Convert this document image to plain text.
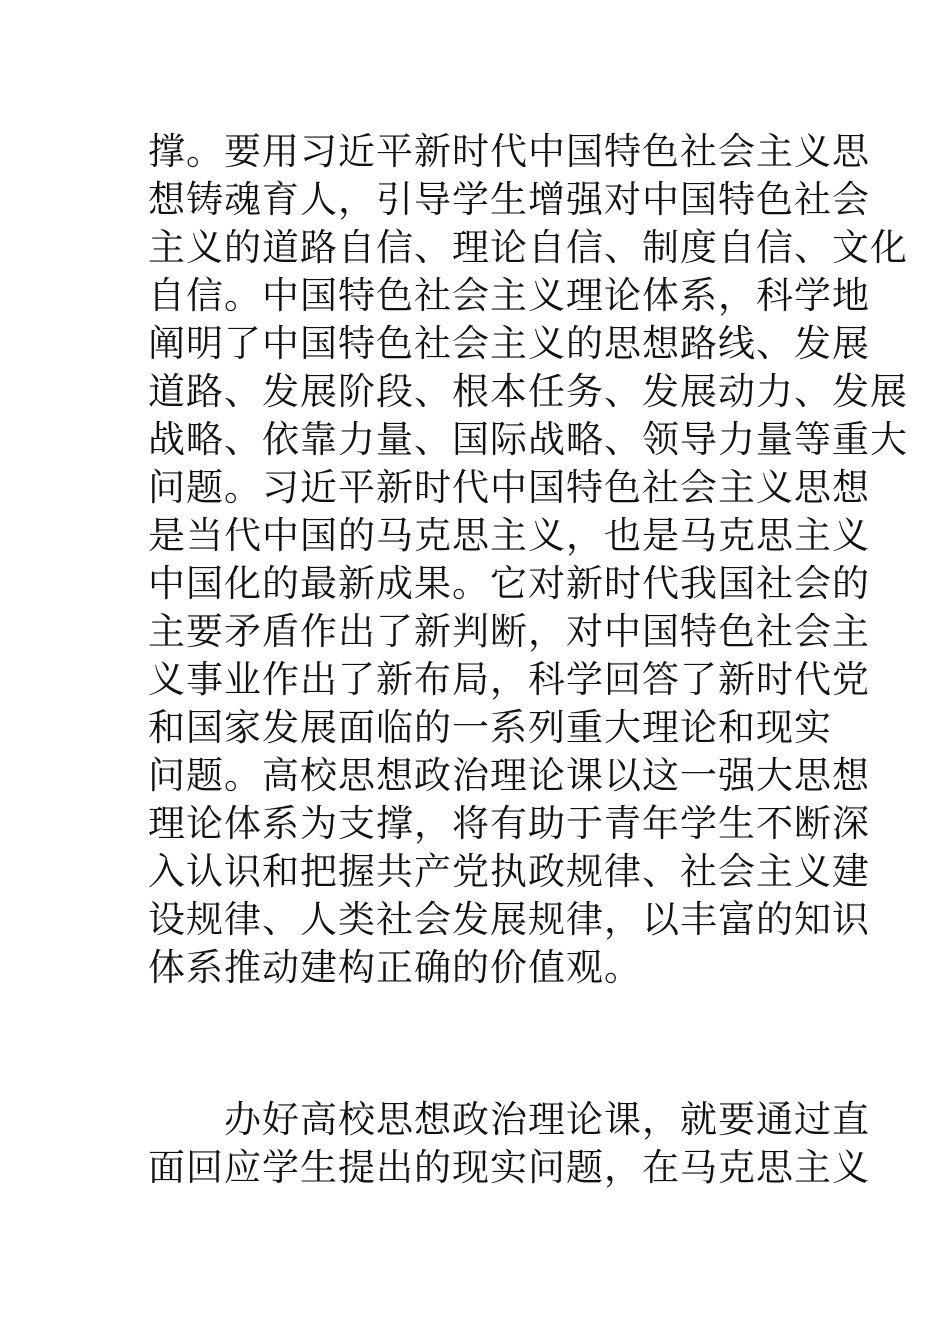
撑。要用习近平新时代中国特色社会主义思
想铸魂育人，引导学生增强对中国特色社会
主义的道路自信、理论自信、制度自信、文化
自信。中国特色社会主义理论体系，科学地
阐明了中国特色社会主义的思想路线、发展
道路、发展阶段、根本任务、发展动力、发展
战略、依靠力量、国际战略、领导力量等重大
问题。习近平新时代中国特色社会主义思想
是当代中国的马克思主义，也是马克思主义
中国化的最新成果。它对新时代我国社会的
主要矛盾作出了新判断，对中国特色社会主
义事业作出了新布局，科学回答了新时代党
和国家发展面临的一系列重大理论和现实
问题。高校思想政治理论课以这一强大思想
理论体系为支撑，将有助于青年学生不断深
入认识和把握共产党执政规律、社会主义建
设规律、人类社会发展规律，以丰富的知识
体系推动建构正确的价值观。
　　办好高校思想政治理论课，就要通过直
面回应学生提出的现实问题，在马克思主义
